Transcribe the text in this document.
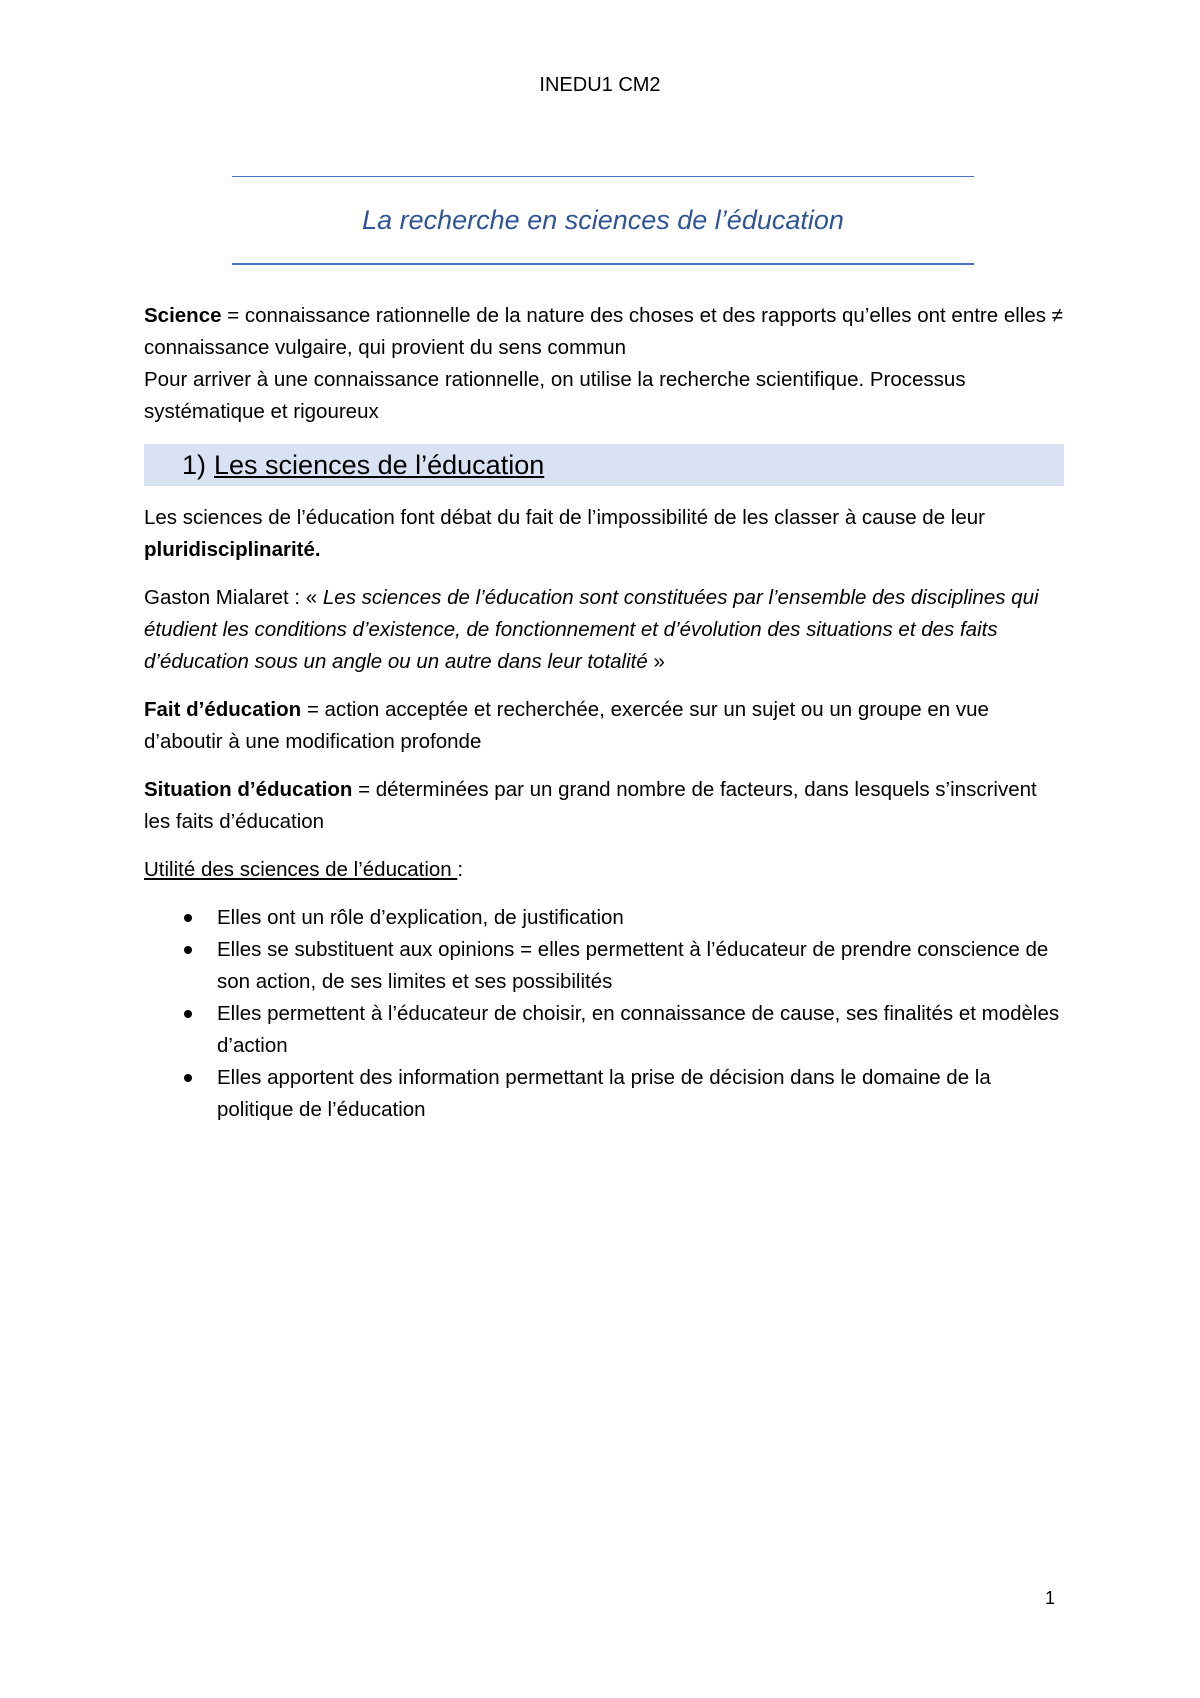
INEDU1 CM2
La recherche en sciences de l’éducation

Science = connaissance rationnelle de la nature des choses et des rapports qu’elles ont entre elles ≠ connaissance vulgaire, qui provient du sens commun

Pour arriver à une connaissance rationnelle, on utilise la recherche scientifique. Processus systématique et rigoureux

1) Les sciences de l’éducation

Les sciences de l’éducation font débat du fait de l’impossibilité de les classer à cause de leur pluridisciplinarité.

Gaston Mialaret : « Les sciences de l’éducation sont constituées par l’ensemble des disciplines qui étudient les conditions d’existence, de fonctionnement et d’évolution des situations et des faits d’éducation sous un angle ou un autre dans leur totalité »

Fait d’éducation = action acceptée et recherchée, exercée sur un sujet ou un groupe en vue d’aboutir à une modification profonde

Situation d’éducation = déterminées par un grand nombre de facteurs, dans lesquels s’inscrivent les faits d’éducation

Utilité des sciences de l’éducation :

Elles ont un rôle d’explication, de justification
Elles se substituent aux opinions = elles permettent à l’éducateur de prendre conscience de son action, de ses limites et ses possibilités
Elles permettent à l’éducateur de choisir, en connaissance de cause, ses finalités et modèles d’action
Elles apportent des information permettant la prise de décision dans le domaine de la politique de l’éducation
1
